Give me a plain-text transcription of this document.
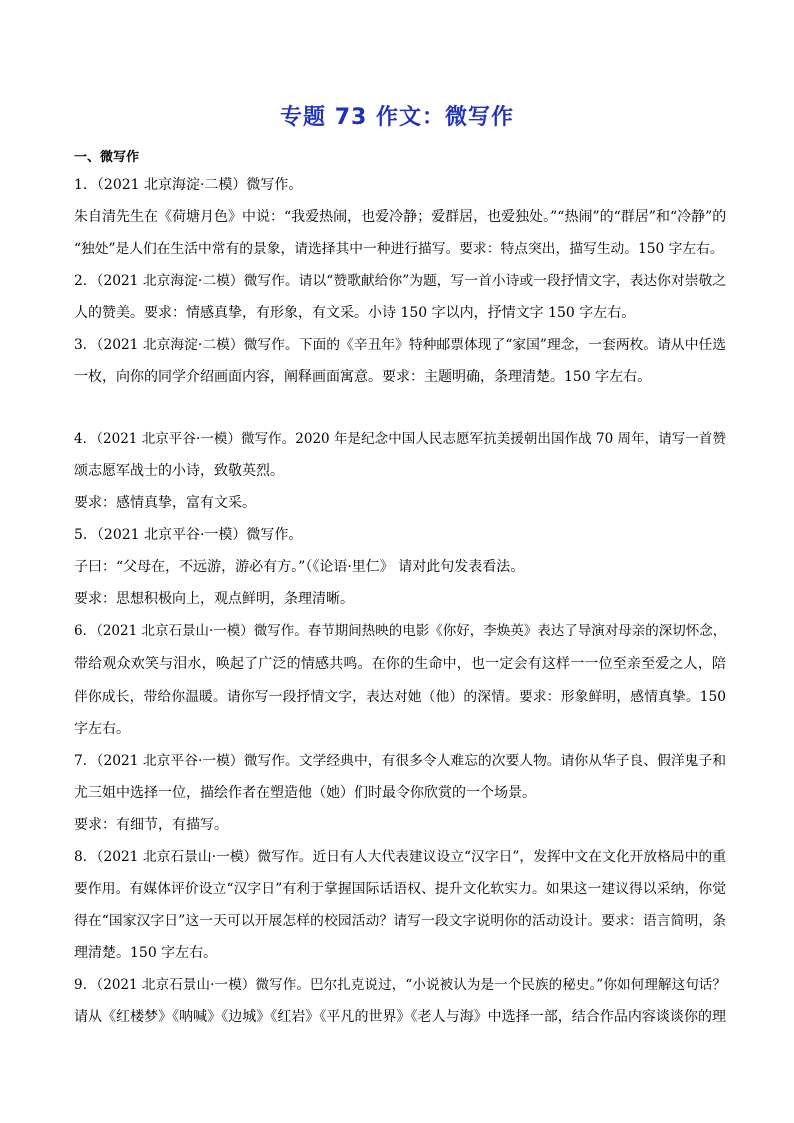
专题 73 作文：微写作
一、微写作
1．（2021 北京海淀·二模）微写作。
朱自清先生在《荷塘月色》中说：“我爱热闹，也爱冷静；爱群居，也爱独处。”“热闹”的“群居”和“冷静”的
“独处”是人们在生活中常有的景象，请选择其中一种进行描写。要求：特点突出，描写生动。150 字左右。
2．（2021 北京海淀·二模）微写作。请以“赞歌献给你”为题，写一首小诗或一段抒情文字，表达你对崇敬之
人的赞美。要求：情感真挚，有形象，有文采。小诗 150 字以内，抒情文字 150 字左右。
3．（2021 北京海淀·二模）微写作。下面的《辛丑年》特种邮票体现了“家国”理念，一套两枚。请从中任选
一枚，向你的同学介绍画面内容，阐释画面寓意。要求：主题明确，条理清楚。150 字左右。
4．（2021 北京平谷·一模）微写作。2020 年是纪念中国人民志愿军抗美援朝出国作战 70 周年，请写一首赞
颂志愿军战士的小诗，致敬英烈。
要求：感情真挚，富有文采。
5．（2021 北京平谷·一模）微写作。
子曰：“父母在，不远游，游必有方。”（《论语·里仁》 请对此句发表看法。
要求：思想积极向上，观点鲜明，条理清晰。
6．（2021 北京石景山·一模）微写作。春节期间热映的电影《你好，李焕英》表达了导演对母亲的深切怀念，
带给观众欢笑与泪水，唤起了广泛的情感共鸣。在你的生命中，也一定会有这样一一位至亲至爱之人，陪
伴你成长，带给你温暖。请你写一段抒情文字，表达对她（他）的深情。要求：形象鲜明，感情真挚。150
字左右。
7．（2021 北京平谷·一模）微写作。文学经典中，有很多令人难忘的次要人物。请你从华子良、假洋鬼子和
尤三姐中选择一位，描绘作者在塑造他（她）们时最令你欣赏的一个场景。
要求：有细节，有描写。
8．（2021 北京石景山·一模）微写作。近日有人大代表建议设立“汉字日”，发挥中文在文化开放格局中的重
要作用。有媒体评价设立“汉字日”有利于掌握国际话语权、提升文化软实力。如果这一建议得以采纳，你觉
得在“国家汉字日”这一天可以开展怎样的校园活动？请写一段文字说明你的活动设计。要求：语言简明，条
理清楚。150 字左右。
9．（2021 北京石景山·一模）微写作。巴尔扎克说过，“小说被认为是一个民族的秘史。”你如何理解这句话？
请从《红楼梦》《呐喊》《边城》《红岩》《平凡的世界》《老人与海》中选择一部，结合作品内容谈谈你的理
